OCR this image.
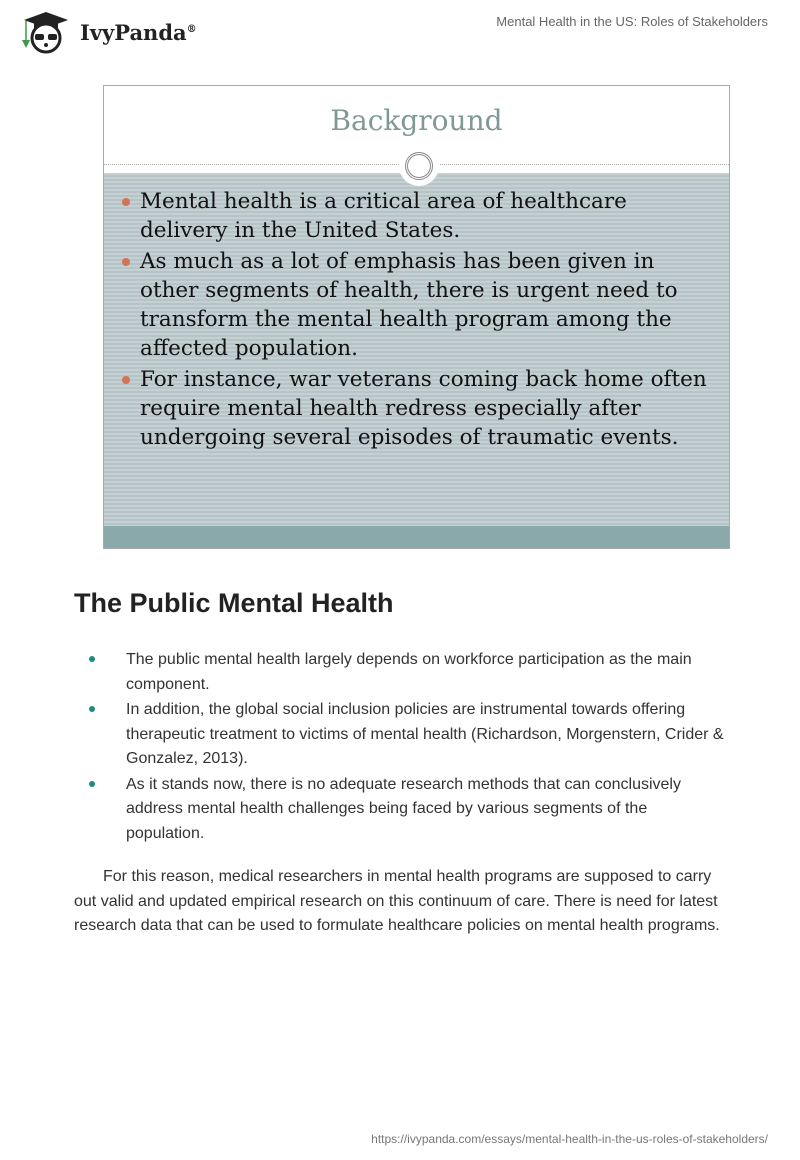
IvyPanda®	Mental Health in the US: Roles of Stakeholders
Background
Mental health is a critical area of healthcare delivery in the United States.
As much as a lot of emphasis has been given in other segments of health, there is urgent need to transform the mental health program among the affected population.
For instance, war veterans coming back home often require mental health redress especially after undergoing several episodes of traumatic events.
The Public Mental Health
The public mental health largely depends on workforce participation as the main component.
In addition, the global social inclusion policies are instrumental towards offering therapeutic treatment to victims of mental health (Richardson, Morgenstern, Crider & Gonzalez, 2013).
As it stands now, there is no adequate research methods that can conclusively address mental health challenges being faced by various segments of the population.

For this reason, medical researchers in mental health programs are supposed to carry out valid and updated empirical research on this continuum of care. There is need for latest research data that can be used to formulate healthcare policies on mental health programs.

https://ivypanda.com/essays/mental-health-in-the-us-roles-of-stakeholders/
